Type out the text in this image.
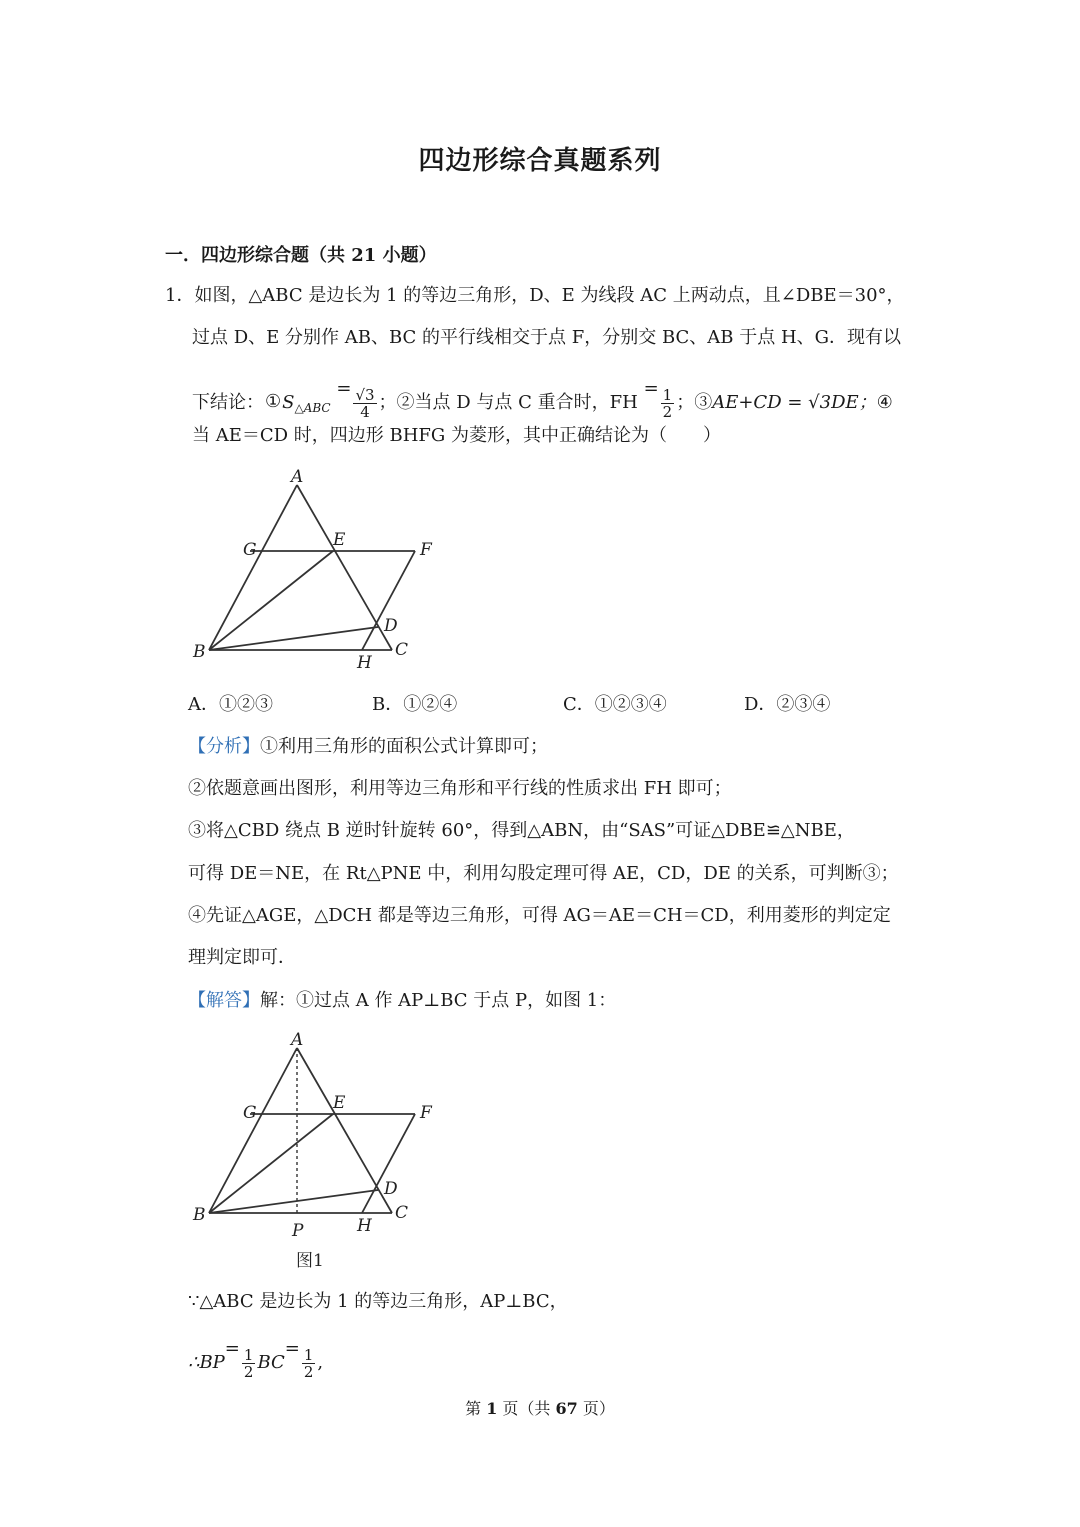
四边形综合真题系列
一．四边形综合题（共 21 小题）
1．如图，△ABC 是边长为 1 的等边三角形，D、E 为线段 AC 上两动点，且∠DBE＝30°，
过点 D、E 分别作 AB、BC 的平行线相交于点 F，分别交 BC、AB 于点 H、G．现有以
下结论：$①S_{\triangle ABC} = \frac{√3}{4}$ ；②当点 D 与点 C 重合时，FH = $\frac{1}{2}$ ；③AE+CD = √3DE；④
当 AE＝CD 时，四边形 BHFG 为菱形，其中正确结论为（　　）
A
B	C
D
E	F
G
H
A．①②③	B．①②④	C．①②③④	D．②③④
【分析】①利用三角形的面积公式计算即可；
②依题意画出图形，利用等边三角形和平行线的性质求出 FH 即可；
③将△CBD 绕点 B 逆时针旋转 60°，得到△ABN，由“SAS”可证△DBE≌△NBE，
可得 DE＝NE，在 Rt△PNE 中，利用勾股定理可得 AE，CD，DE 的关系，可判断③；
④先证△AGE，△DCH 都是等边三角形，可得 AG＝AE＝CH＝CD，利用菱形的判定定
理判定即可．
【解答】解：①过点 A 作 AP⊥BC 于点 P，如图 1：
A
B	C
D
E	F
G
H
P
图1
∵△ABC 是边长为 1 的等边三角形，AP⊥BC，
∴BP= $\frac{1}{2} BC= \frac{1}{2}$ ,
第 1 页（共 67 页）
